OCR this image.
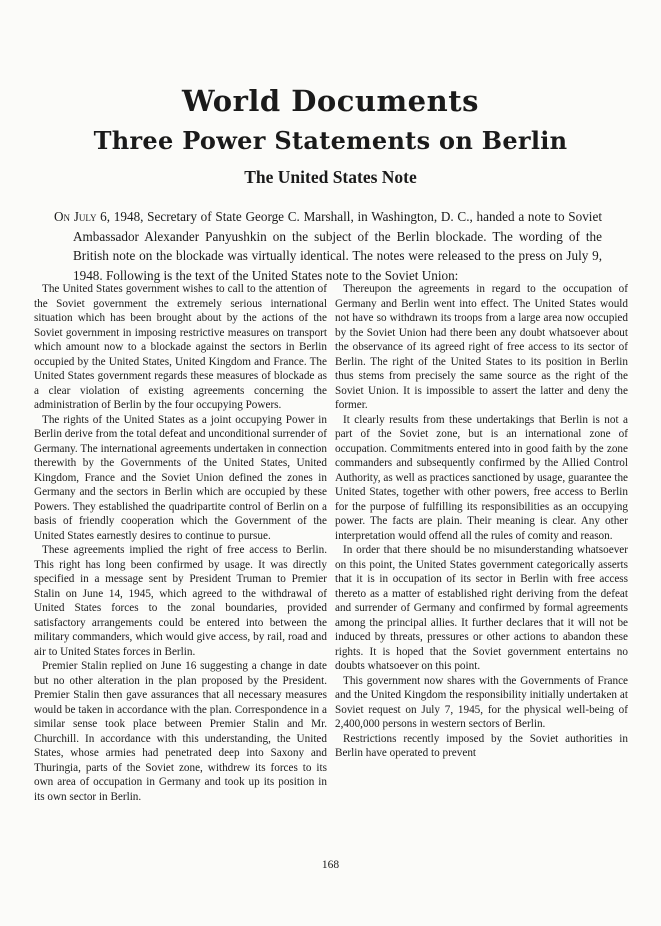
World Documents
Three Power Statements on Berlin
The United States Note
On July 6, 1948, Secretary of State George C. Marshall, in Washington, D. C., handed a note to Soviet Ambassador Alexander Panyushkin on the subject of the Berlin blockade. The wording of the British note on the blockade was virtually identical. The notes were released to the press on July 9, 1948. Following is the text of the United States note to the Soviet Union:

The United States government wishes to call to the attention of the Soviet government the extremely serious international situation which has been brought about by the actions of the Soviet government in imposing restrictive measures on transport which amount now to a blockade against the sectors in Berlin occupied by the United States, United Kingdom and France. The United States government regards these measures of blockade as a clear violation of existing agreements concerning the administration of Berlin by the four occupying Powers.

The rights of the United States as a joint occupying Power in Berlin derive from the total defeat and unconditional surrender of Germany. The international agreements undertaken in connection therewith by the Governments of the United States, United Kingdom, France and the Soviet Union defined the zones in Germany and the sectors in Berlin which are occupied by these Powers. They established the quadripartite control of Berlin on a basis of friendly cooperation which the Government of the United States earnestly desires to continue to pursue.

These agreements implied the right of free access to Berlin. This right has long been confirmed by usage. It was directly specified in a message sent by President Truman to Premier Stalin on June 14, 1945, which agreed to the withdrawal of United States forces to the zonal boundaries, provided satisfactory arrangements could be entered into between the military commanders, which would give access, by rail, road and air to United States forces in Berlin.

Premier Stalin replied on June 16 suggesting a change in date but no other alteration in the plan proposed by the President. Premier Stalin then gave assurances that all necessary measures would be taken in accordance with the plan. Correspondence in a similar sense took place between Premier Stalin and Mr. Churchill. In accordance with this understanding, the United States, whose armies had penetrated deep into Saxony and Thuringia, parts of the Soviet zone, withdrew its forces to its own area of occupation in Germany and took up its position in its own sector in Berlin.

Thereupon the agreements in regard to the occupation of Germany and Berlin went into effect. The United States would not have so withdrawn its troops from a large area now occupied by the Soviet Union had there been any doubt whatsoever about the observance of its agreed right of free access to its sector of Berlin. The right of the United States to its position in Berlin thus stems from precisely the same source as the right of the Soviet Union. It is impossible to assert the latter and deny the former.

It clearly results from these undertakings that Berlin is not a part of the Soviet zone, but is an international zone of occupation. Commitments entered into in good faith by the zone commanders and subsequently confirmed by the Allied Control Authority, as well as practices sanctioned by usage, guarantee the United States, together with other powers, free access to Berlin for the purpose of fulfilling its responsibilities as an occupying power. The facts are plain. Their meaning is clear. Any other interpretation would offend all the rules of comity and reason.

In order that there should be no misunderstanding whatsoever on this point, the United States government categorically asserts that it is in occupation of its sector in Berlin with free access thereto as a matter of established right deriving from the defeat and surrender of Germany and confirmed by formal agreements among the principal allies. It further declares that it will not be induced by threats, pressures or other actions to abandon these rights. It is hoped that the Soviet government entertains no doubts whatsoever on this point.

This government now shares with the Governments of France and the United Kingdom the responsibility initially undertaken at Soviet request on July 7, 1945, for the physical well-being of 2,400,000 persons in western sectors of Berlin.

Restrictions recently imposed by the Soviet authorities in Berlin have operated to prevent

168
